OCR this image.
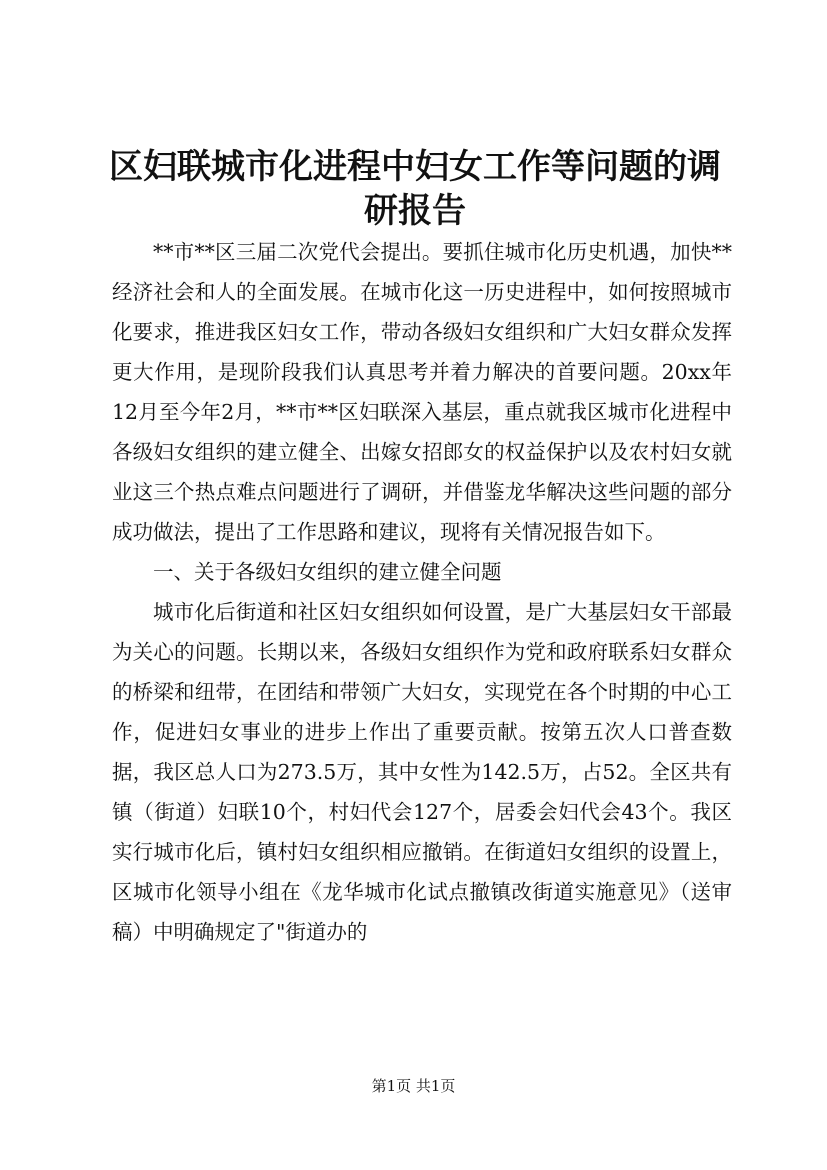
区妇联城市化进程中妇女工作等问题的调研报告

**市**区三届二次党代会提出。要抓住城市化历史机遇，加快**经济社会和人的全面发展。在城市化这一历史进程中，如何按照城市化要求，推进我区妇女工作，带动各级妇女组织和广大妇女群众发挥更大作用，是现阶段我们认真思考并着力解决的首要问题。20xx年12月至今年2月，**市**区妇联深入基层，重点就我区城市化进程中各级妇女组织的建立健全、出嫁女招郎女的权益保护以及农村妇女就业这三个热点难点问题进行了调研，并借鉴龙华解决这些问题的部分成功做法，提出了工作思路和建议，现将有关情况报告如下。

一、关于各级妇女组织的建立健全问题

城市化后街道和社区妇女组织如何设置，是广大基层妇女干部最为关心的问题。长期以来，各级妇女组织作为党和政府联系妇女群众的桥梁和纽带，在团结和带领广大妇女，实现党在各个时期的中心工作，促进妇女事业的进步上作出了重要贡献。按第五次人口普查数据，我区总人口为273.5万，其中女性为142.5万，占52。全区共有镇（街道）妇联10个，村妇代会127个，居委会妇代会43个。我区实行城市化后，镇村妇女组织相应撤销。在街道妇女组织的设置上，区城市化领导小组在《龙华城市化试点撤镇改街道实施意见》（送审稿）中明确规定了"街道办的

第1页 共1页
